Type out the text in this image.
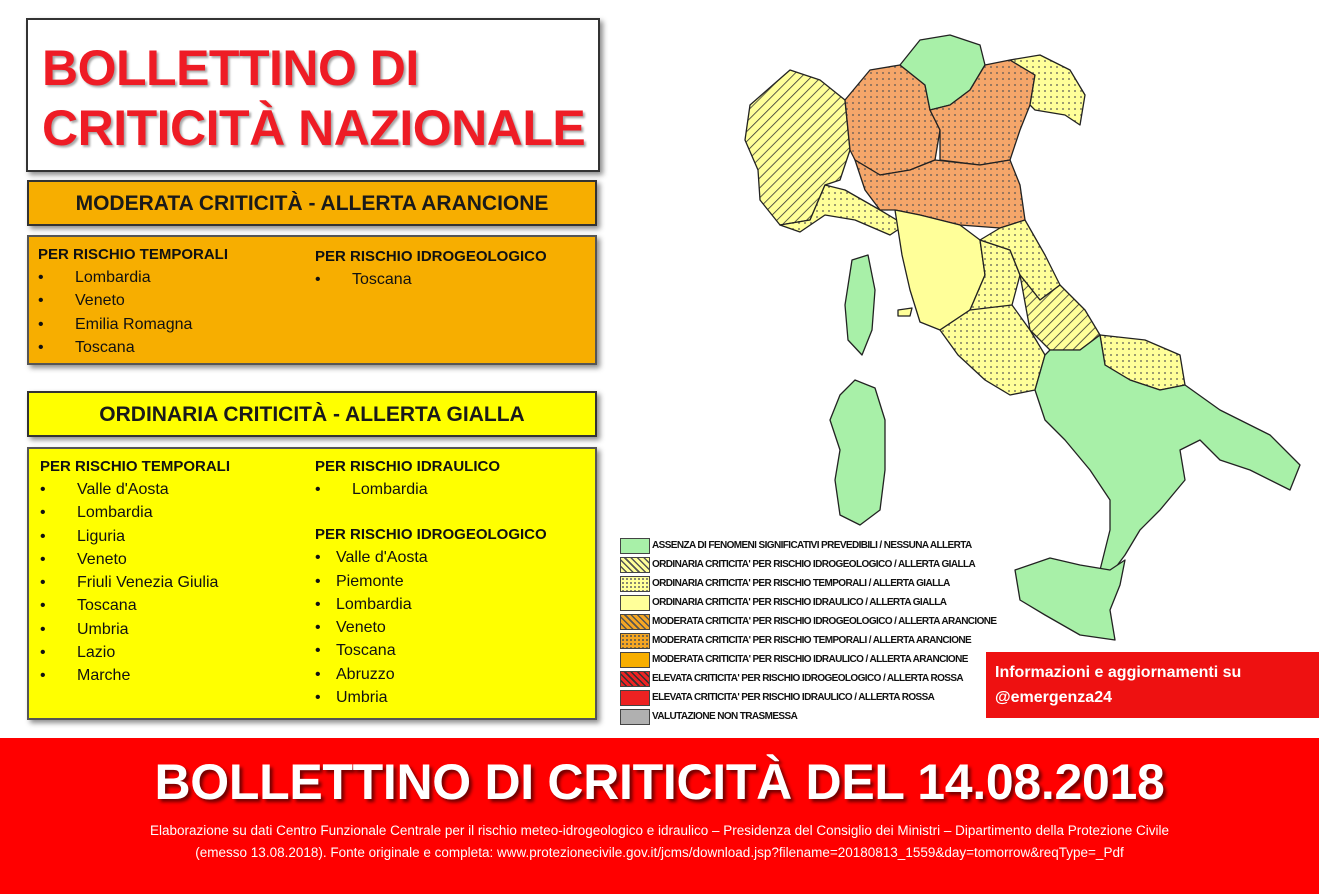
BOLLETTINO DI
CRITICITÀ NAZIONALE
MODERATA CRITICITÀ - ALLERTA ARANCIONE
PER RISCHIO TEMPORALI
• Lombardia
• Veneto
• Emilia Romagna
• Toscana
PER RISCHIO IDROGEOLOGICO
• Toscana
ORDINARIA CRITICITÀ - ALLERTA GIALLA
PER RISCHIO TEMPORALI
• Valle d'Aosta
• Lombardia
• Liguria
• Veneto
• Friuli Venezia Giulia
• Toscana
• Umbria
• Lazio
• Marche
PER RISCHIO IDRAULICO
• Lombardia
PER RISCHIO IDROGEOLOGICO
• Valle d'Aosta
• Piemonte
• Lombardia
• Veneto
• Toscana
• Abruzzo
• Umbria
ASSENZA DI FENOMENI SIGNIFICATIVI PREVEDIBILI / NESSUNA ALLERTA
ORDINARIA CRITICITA' PER RISCHIO IDROGEOLOGICO / ALLERTA GIALLA
ORDINARIA CRITICITA' PER RISCHIO TEMPORALI / ALLERTA GIALLA
ORDINARIA CRITICITA' PER RISCHIO IDRAULICO / ALLERTA GIALLA
MODERATA CRITICITA' PER RISCHIO IDROGEOLOGICO / ALLERTA ARANCIONE
MODERATA CRITICITA' PER RISCHIO TEMPORALI / ALLERTA ARANCIONE
MODERATA CRITICITA' PER RISCHIO IDRAULICO / ALLERTA ARANCIONE
ELEVATA CRITICITA' PER RISCHIO IDROGEOLOGICO / ALLERTA ROSSA
ELEVATA CRITICITA' PER RISCHIO IDRAULICO / ALLERTA ROSSA
VALUTAZIONE NON TRASMESSA
Informazioni e aggiornamenti su
@emergenza24
BOLLETTINO DI CRITICITÀ DEL 14.08.2018
Elaborazione su dati Centro Funzionale Centrale per il rischio meteo-idrogeologico e idraulico – Presidenza del Consiglio dei Ministri – Dipartimento della Protezione Civile
(emesso 13.08.2018). Fonte originale e completa: www.protezionecivile.gov.it/jcms/download.jsp?filename=20180813_1559&day=tomorrow&reqType=_Pdf
